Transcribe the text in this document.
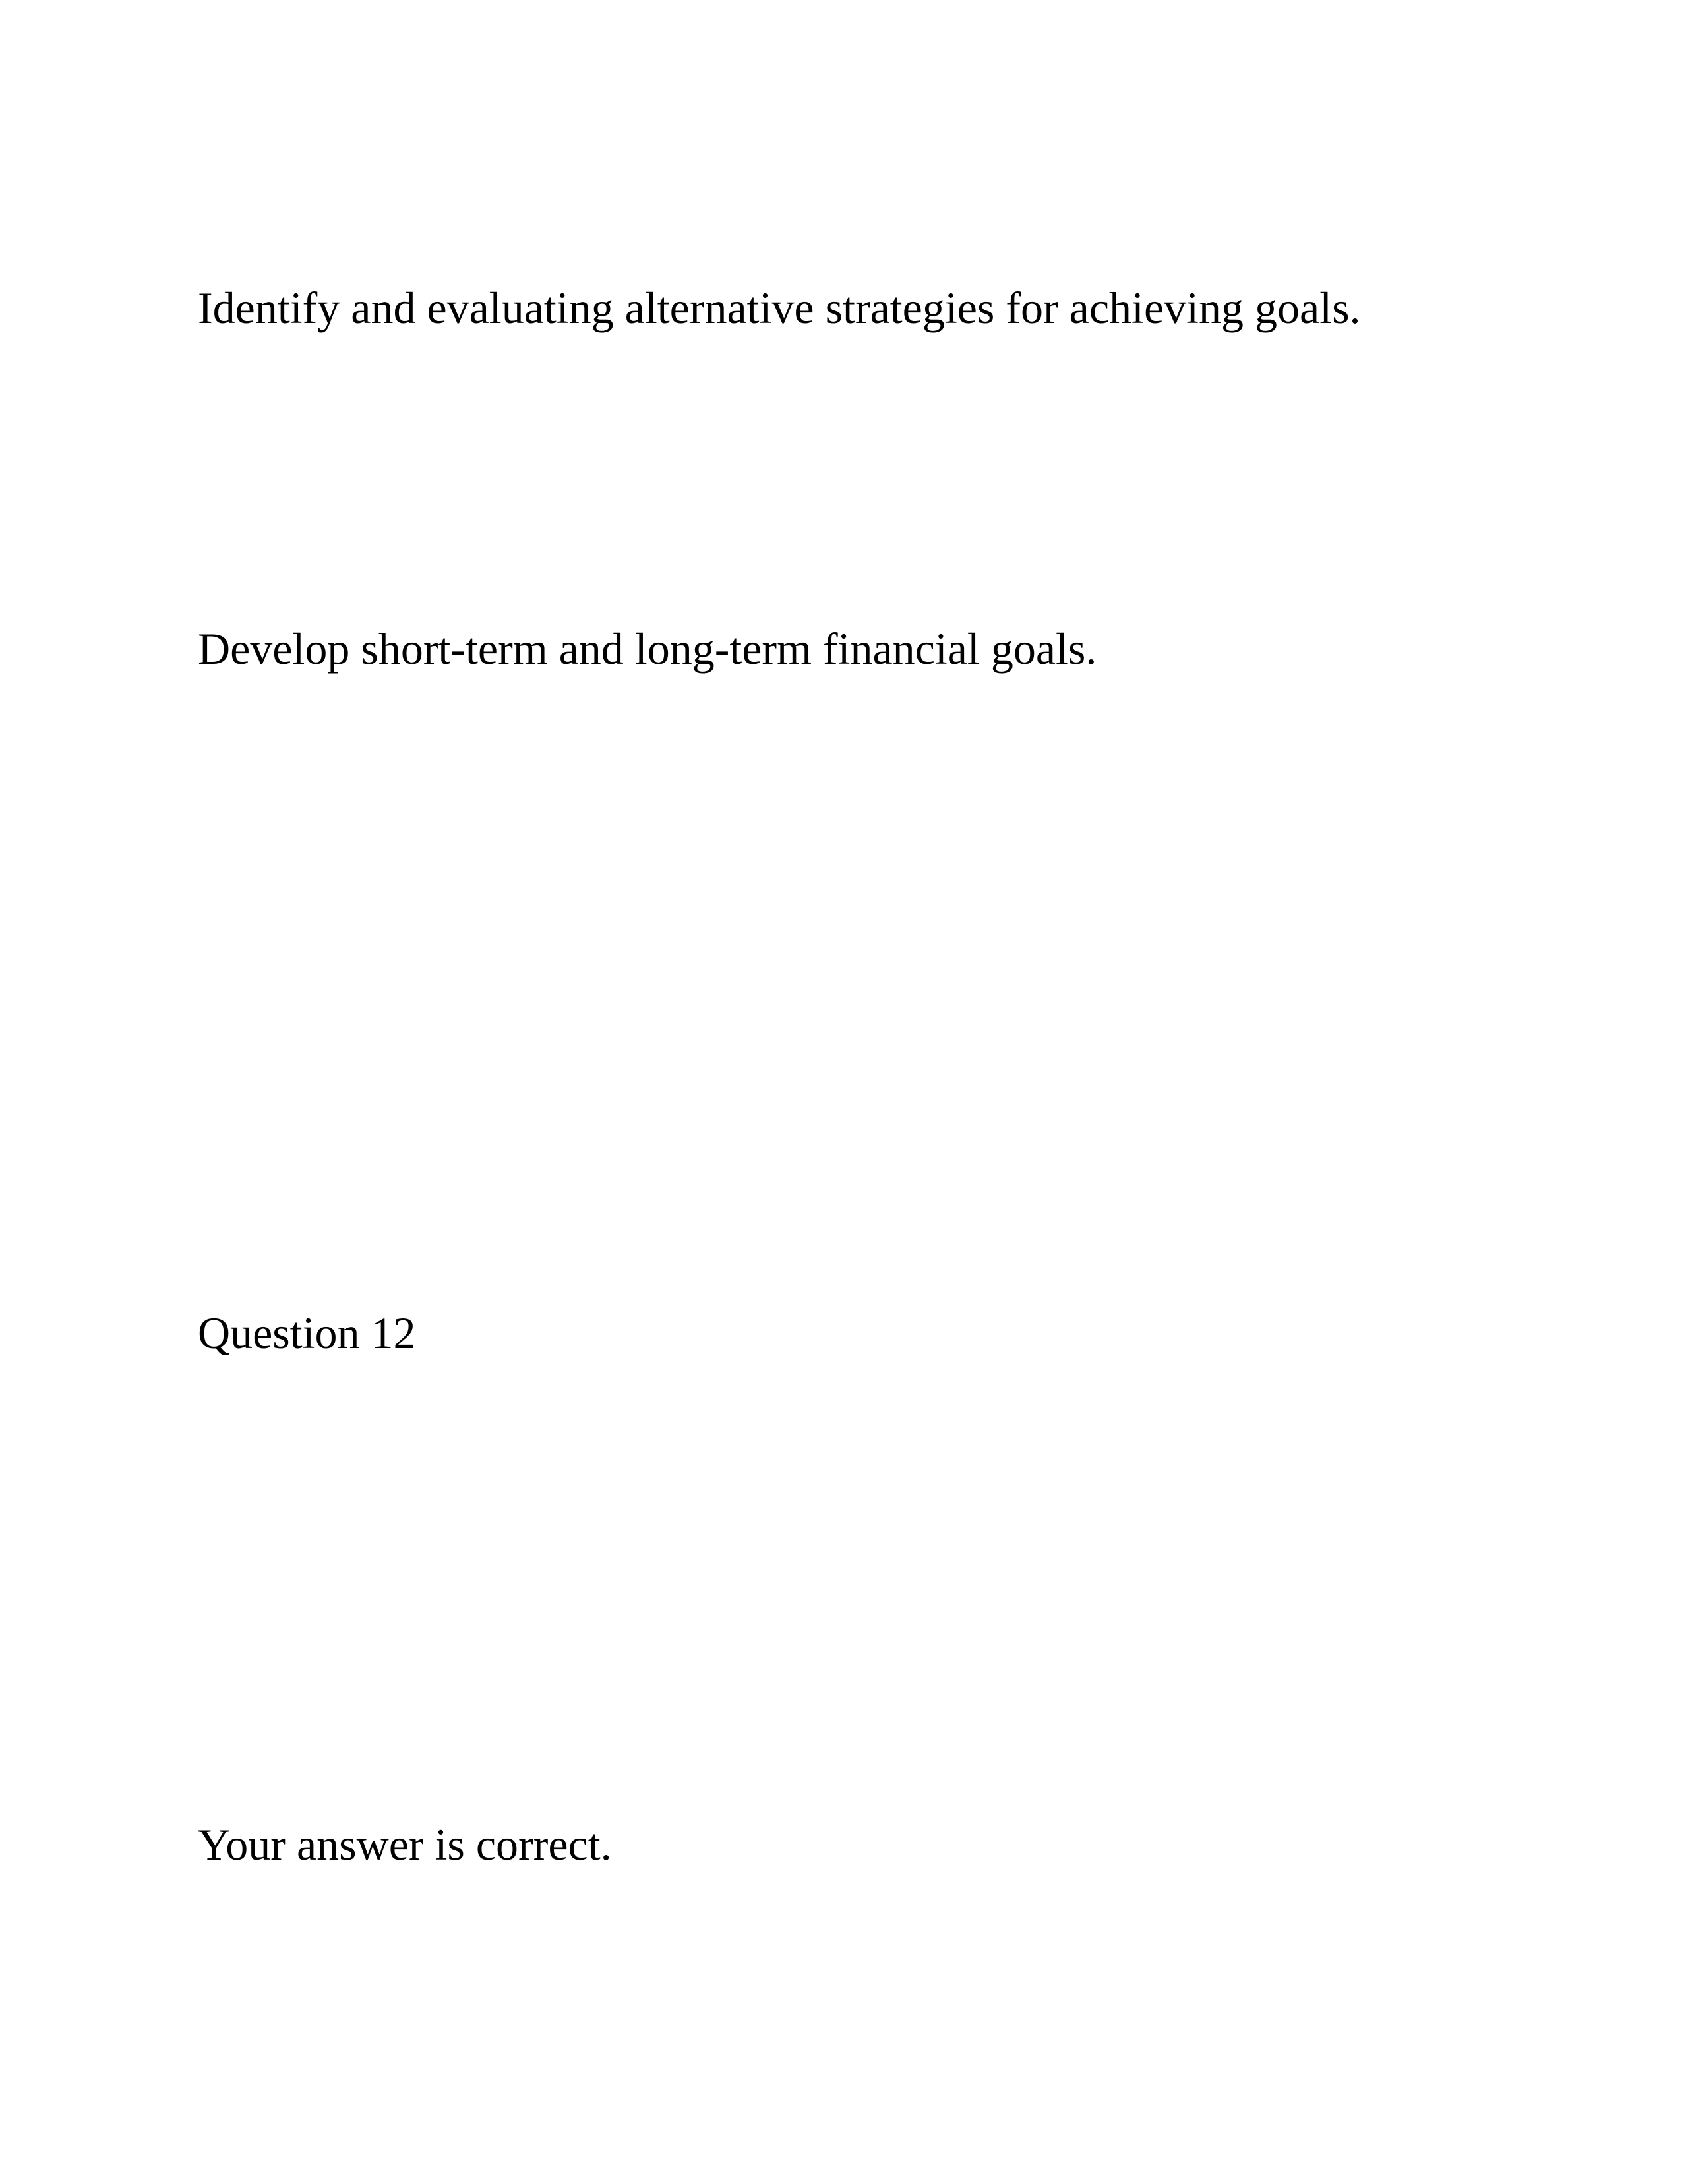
Identify and evaluating alternative strategies for achieving goals.

Develop short-term and long-term financial goals.

Question 12

Your answer is correct.
